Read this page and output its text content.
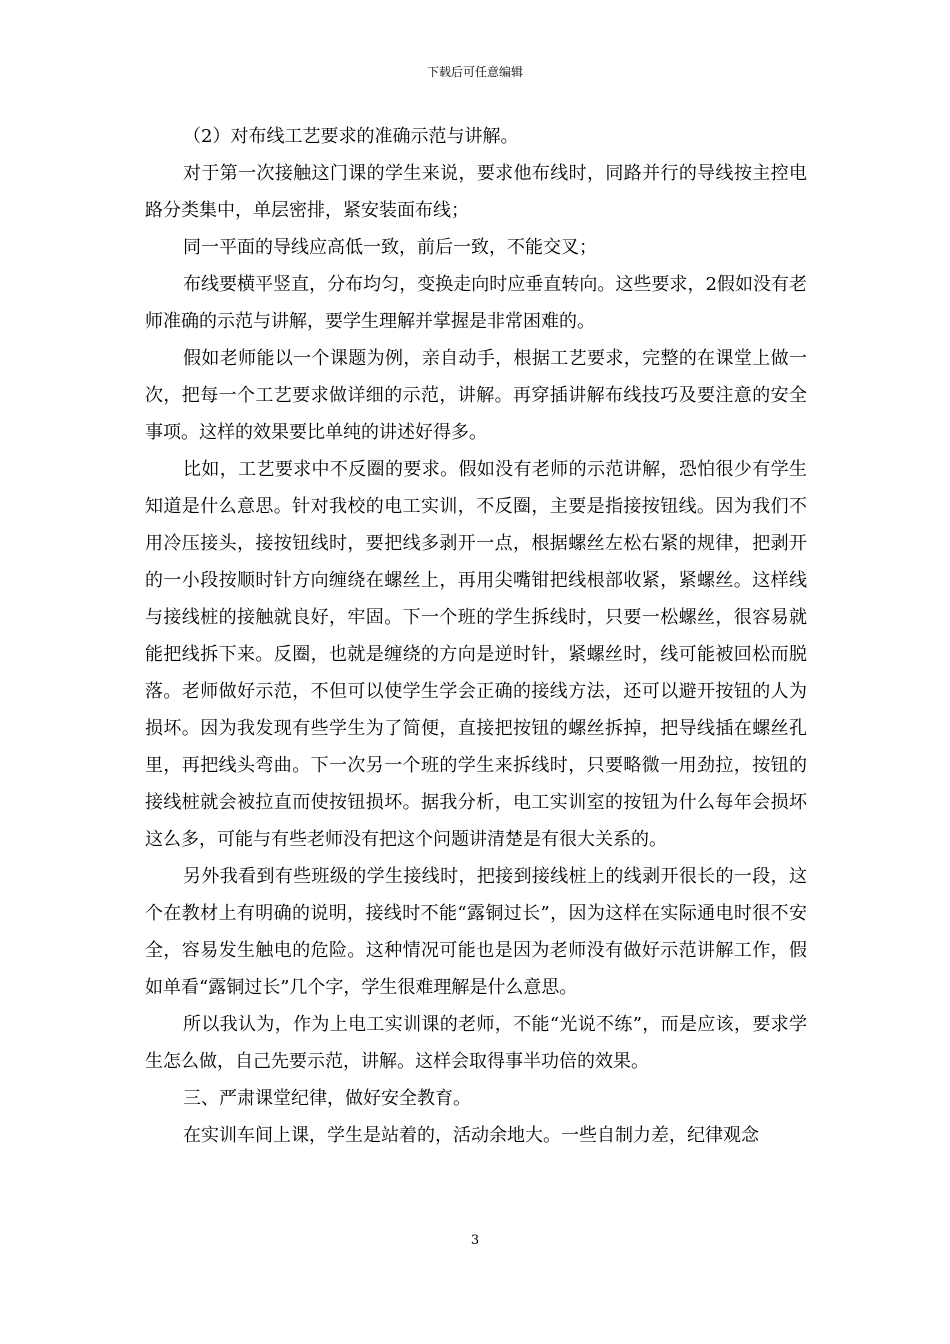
下载后可任意编辑

（2）对布线工艺要求的准确示范与讲解。

对于第一次接触这门课的学生来说，要求他布线时，同路并行的导线按主控电路分类集中，单层密排，紧安装面布线；

同一平面的导线应高低一致，前后一致，不能交叉；

布线要横平竖直，分布均匀，变换走向时应垂直转向。这些要求，2假如没有老师准确的示范与讲解，要学生理解并掌握是非常困难的。

假如老师能以一个课题为例，亲自动手，根据工艺要求，完整的在课堂上做一次，把每一个工艺要求做详细的示范，讲解。再穿插讲解布线技巧及要注意的安全事项。这样的效果要比单纯的讲述好得多。

比如，工艺要求中不反圈的要求。假如没有老师的示范讲解，恐怕很少有学生知道是什么意思。针对我校的电工实训，不反圈，主要是指接按钮线。因为我们不用冷压接头，接按钮线时，要把线多剥开一点，根据螺丝左松右紧的规律，把剥开的一小段按顺时针方向缠绕在螺丝上，再用尖嘴钳把线根部收紧，紧螺丝。这样线与接线桩的接触就良好，牢固。下一个班的学生拆线时，只要一松螺丝，很容易就能把线拆下来。反圈，也就是缠绕的方向是逆时针，紧螺丝时，线可能被回松而脱落。老师做好示范，不但可以使学生学会正确的接线方法，还可以避开按钮的人为损坏。因为我发现有些学生为了简便，直接把按钮的螺丝拆掉，把导线插在螺丝孔里，再把线头弯曲。下一次另一个班的学生来拆线时，只要略微一用劲拉，按钮的接线桩就会被拉直而使按钮损坏。据我分析，电工实训室的按钮为什么每年会损坏这么多，可能与有些老师没有把这个问题讲清楚是有很大关系的。

另外我看到有些班级的学生接线时，把接到接线桩上的线剥开很长的一段，这个在教材上有明确的说明，接线时不能“露铜过长”，因为这样在实际通电时很不安全，容易发生触电的危险。这种情况可能也是因为老师没有做好示范讲解工作，假如单看“露铜过长”几个字，学生很难理解是什么意思。

所以我认为，作为上电工实训课的老师，不能“光说不练”，而是应该，要求学生怎么做，自己先要示范，讲解。这样会取得事半功倍的效果。

三、严肃课堂纪律，做好安全教育。

在实训车间上课，学生是站着的，活动余地大。一些自制力差，纪律观念

3
